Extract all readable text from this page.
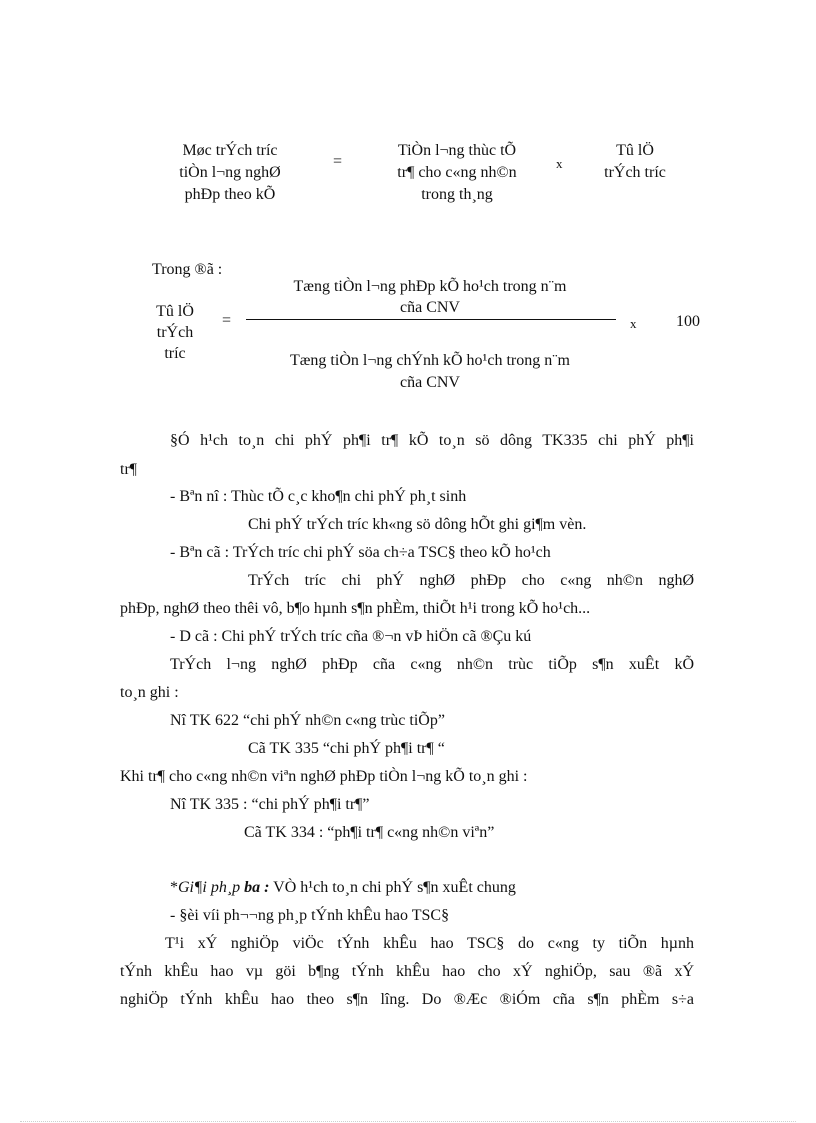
Møc trÝch tríc
tiÒn l¬ng nghØ
phÐp theo kÕ
=
TiÒn l¬ng thùc tÕ
tr¶ cho c«ng nh©n
trong th¸ng
x
Tû lÖ
trÝch tríc
Trong ®ã :
Tû lÖ
trÝch
tríc
=
Tæng tiÒn l¬ng phÐp kÕ ho¹ch trong n¨m
cña CNV
Tæng tiÒn l¬ng chÝnh kÕ ho¹ch trong n¨m
cña CNV
x 100
§Ó h¹ch to¸n chi phÝ ph¶i tr¶ kÕ to¸n sö dông TK335 chi phÝ ph¶i
tr¶
- Bªn nî : Thùc tÕ c¸c kho¶n chi phÝ ph¸t sinh
Chi phÝ trÝch tríc kh«ng sö dông hÕt ghi gi¶m vèn.
- Bªn cã : TrÝch tríc chi phÝ söa ch÷a TSC§ theo kÕ ho¹ch
TrÝch tríc chi phÝ nghØ phÐp cho c«ng nh©n nghØ
phÐp, nghØ theo thêi vô, b¶o hµnh s¶n phÈm, thiÕt h¹i trong kÕ ho¹ch...
- D cã : Chi phÝ trÝch tríc cña ®¬n vÞ hiÖn cã ®Çu kú
TrÝch l¬ng nghØ phÐp cña c«ng nh©n trùc tiÕp s¶n xuÊt kÕ
to¸n ghi :
Nî TK 622 “chi phÝ nh©n c«ng trùc tiÕp”
Cã TK 335 “chi phÝ ph¶i tr¶ “
Khi tr¶ cho c«ng nh©n viªn nghØ phÐp tiÒn l¬ng kÕ to¸n ghi :
Nî TK 335 : “chi phÝ ph¶i tr¶”
Cã TK 334 : “ph¶i tr¶ c«ng nh©n viªn”
*Gi¶i ph¸p ba : VÒ h¹ch to¸n chi phÝ s¶n xuÊt chung
- §èi víi ph¬¬ng ph¸p tÝnh khÊu hao TSC§
T¹i xÝ nghiÖp viÖc tÝnh khÊu hao TSC§ do c«ng ty tiÕn hµnh
tÝnh khÊu hao vµ göi b¶ng tÝnh khÊu hao cho xÝ nghiÖp, sau ®ã xÝ
nghiÖp tÝnh khÊu hao theo s¶n lîng. Do ®Æc ®iÓm cña s¶n phÈm s÷a
